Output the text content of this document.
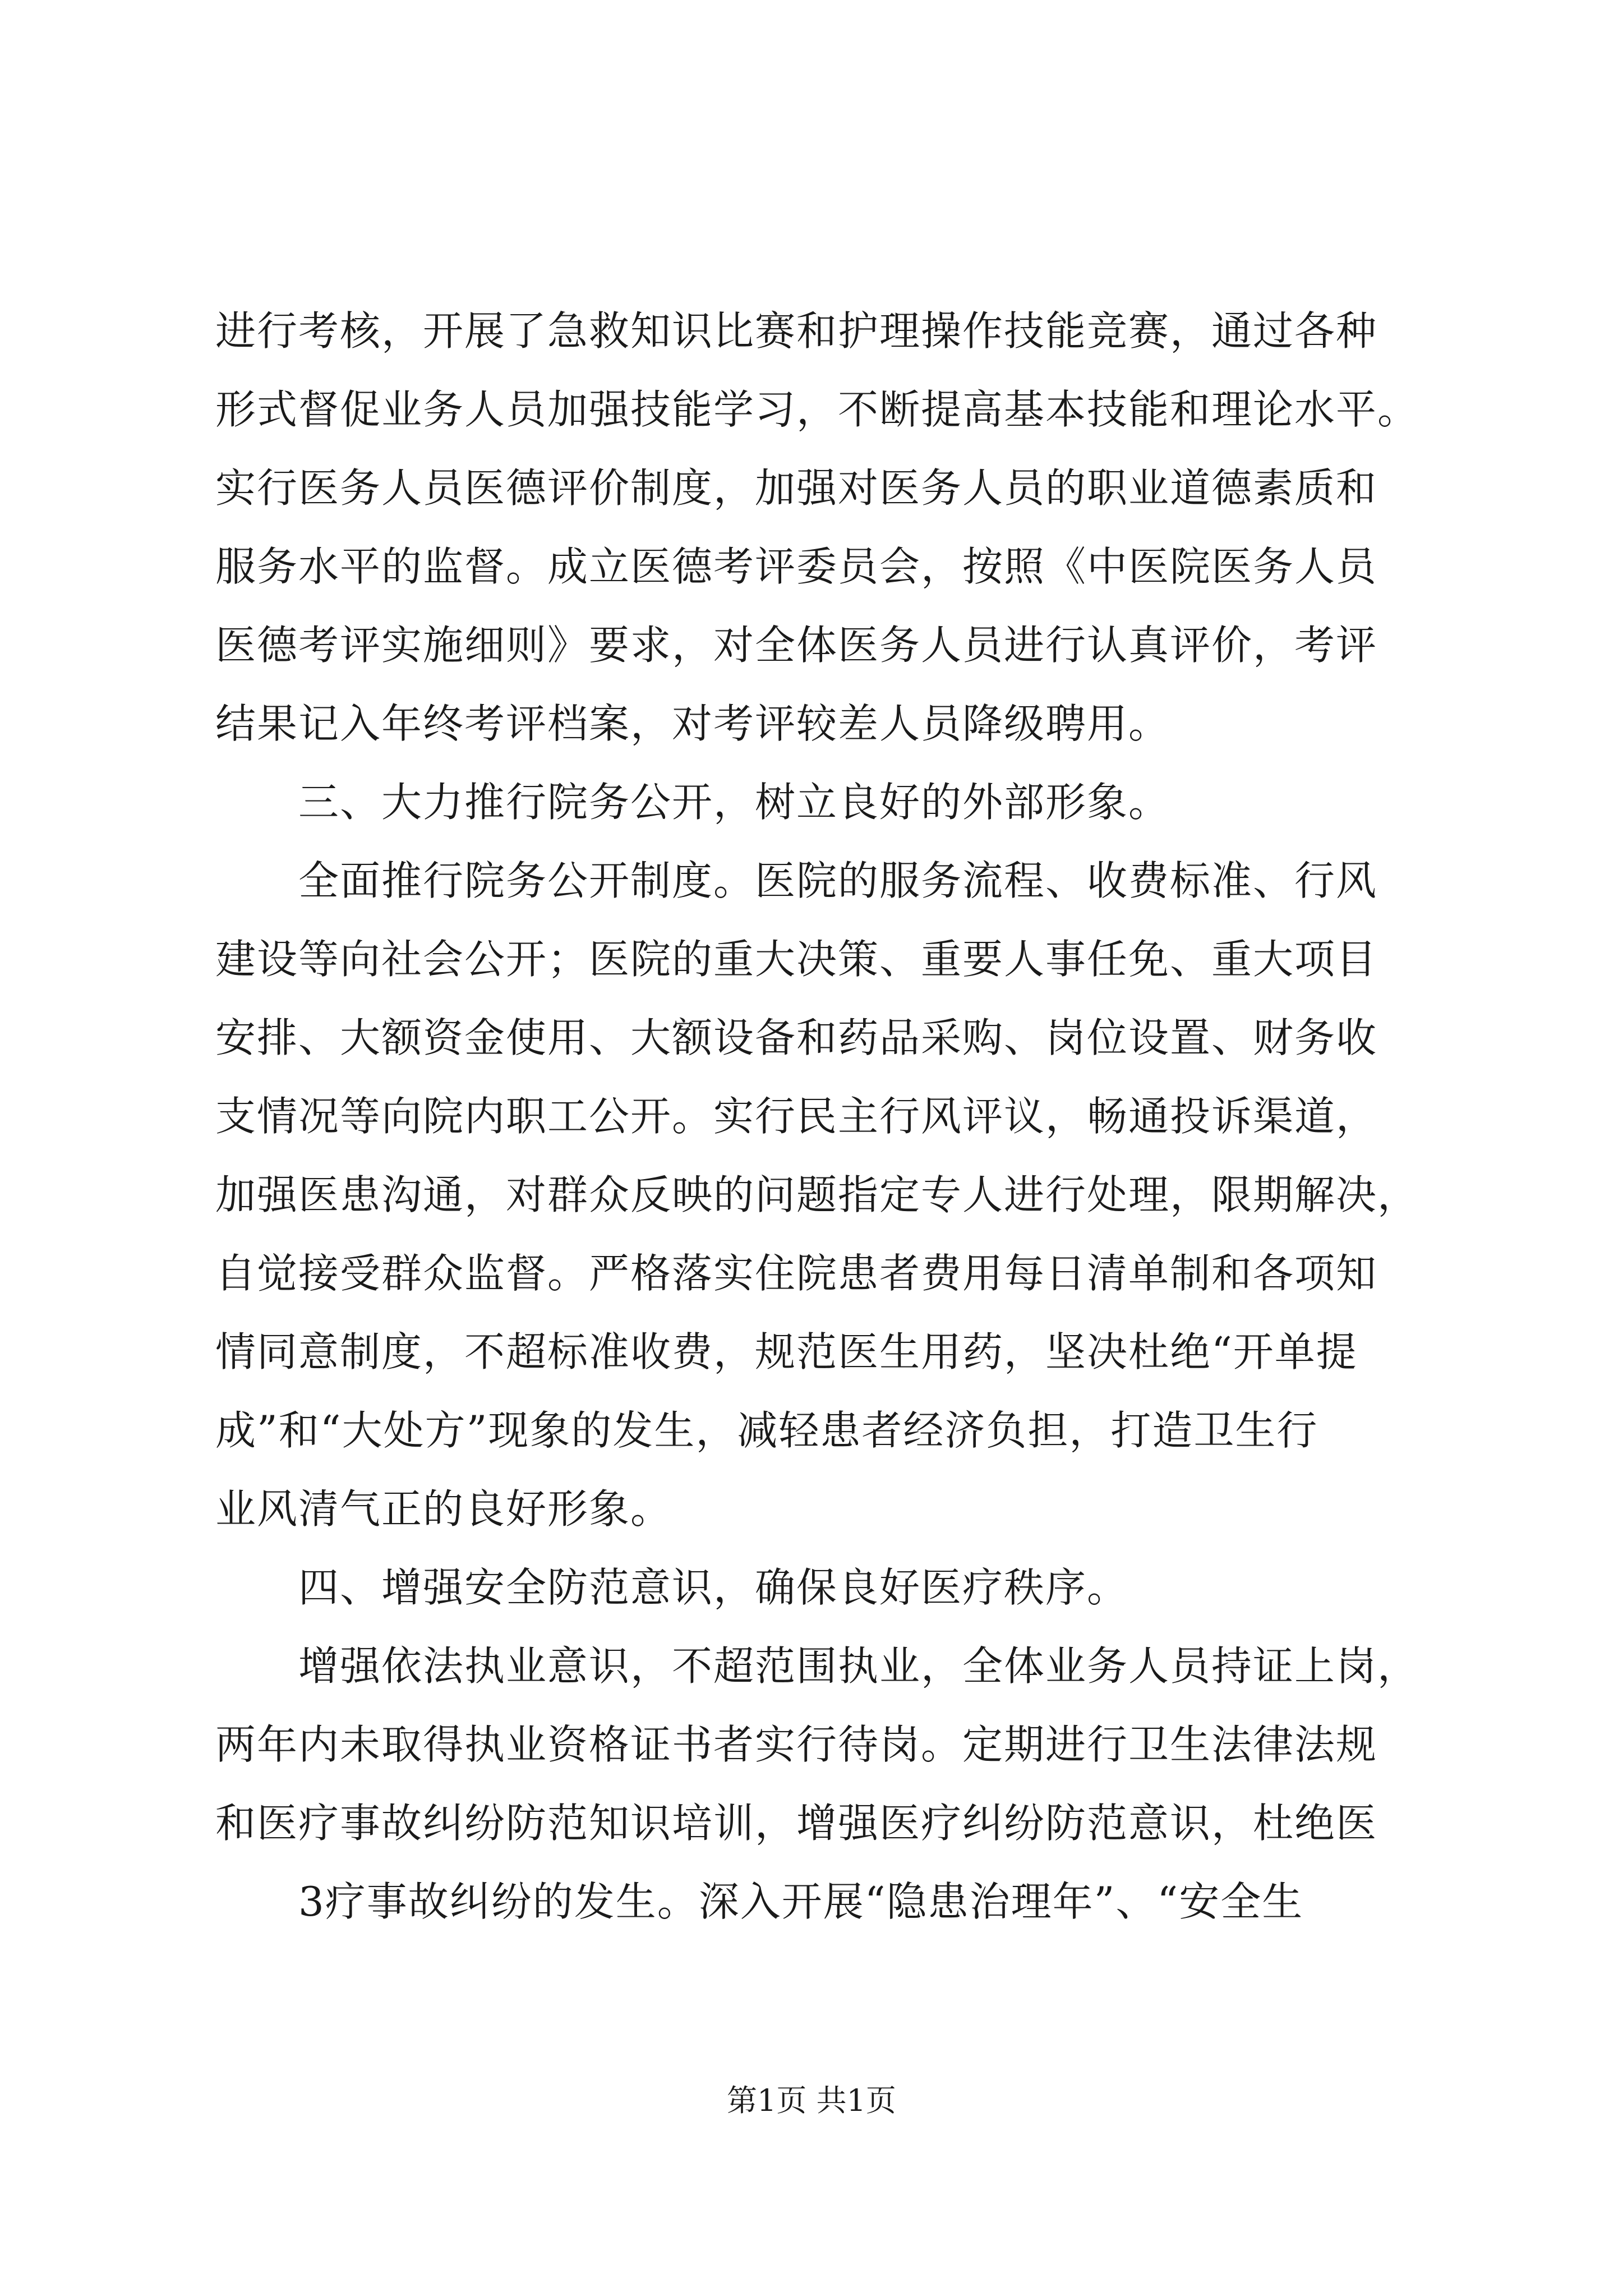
进行考核，开展了急救知识比赛和护理操作技能竞赛，通过各种
形式督促业务人员加强技能学习，不断提高基本技能和理论水平。
实行医务人员医德评价制度，加强对医务人员的职业道德素质和
服务水平的监督。成立医德考评委员会，按照《中医院医务人员
医德考评实施细则》要求，对全体医务人员进行认真评价，考评
结果记入年终考评档案，对考评较差人员降级聘用。
三、大力推行院务公开，树立良好的外部形象。
全面推行院务公开制度。医院的服务流程、收费标准、行风
建设等向社会公开；医院的重大决策、重要人事任免、重大项目
安排、大额资金使用、大额设备和药品采购、岗位设置、财务收
支情况等向院内职工公开。实行民主行风评议，畅通投诉渠道，
加强医患沟通，对群众反映的问题指定专人进行处理，限期解决，
自觉接受群众监督。严格落实住院患者费用每日清单制和各项知
情同意制度，不超标准收费，规范医生用药，坚决杜绝“开单提
成”和“大处方”现象的发生，减轻患者经济负担，打造卫生行
业风清气正的良好形象。
四、增强安全防范意识，确保良好医疗秩序。
增强依法执业意识，不超范围执业，全体业务人员持证上岗，
两年内未取得执业资格证书者实行待岗。定期进行卫生法律法规
和医疗事故纠纷防范知识培训，增强医疗纠纷防范意识，杜绝医
3疗事故纠纷的发生。深入开展“隐患治理年”、“安全生
第1页 共1页
